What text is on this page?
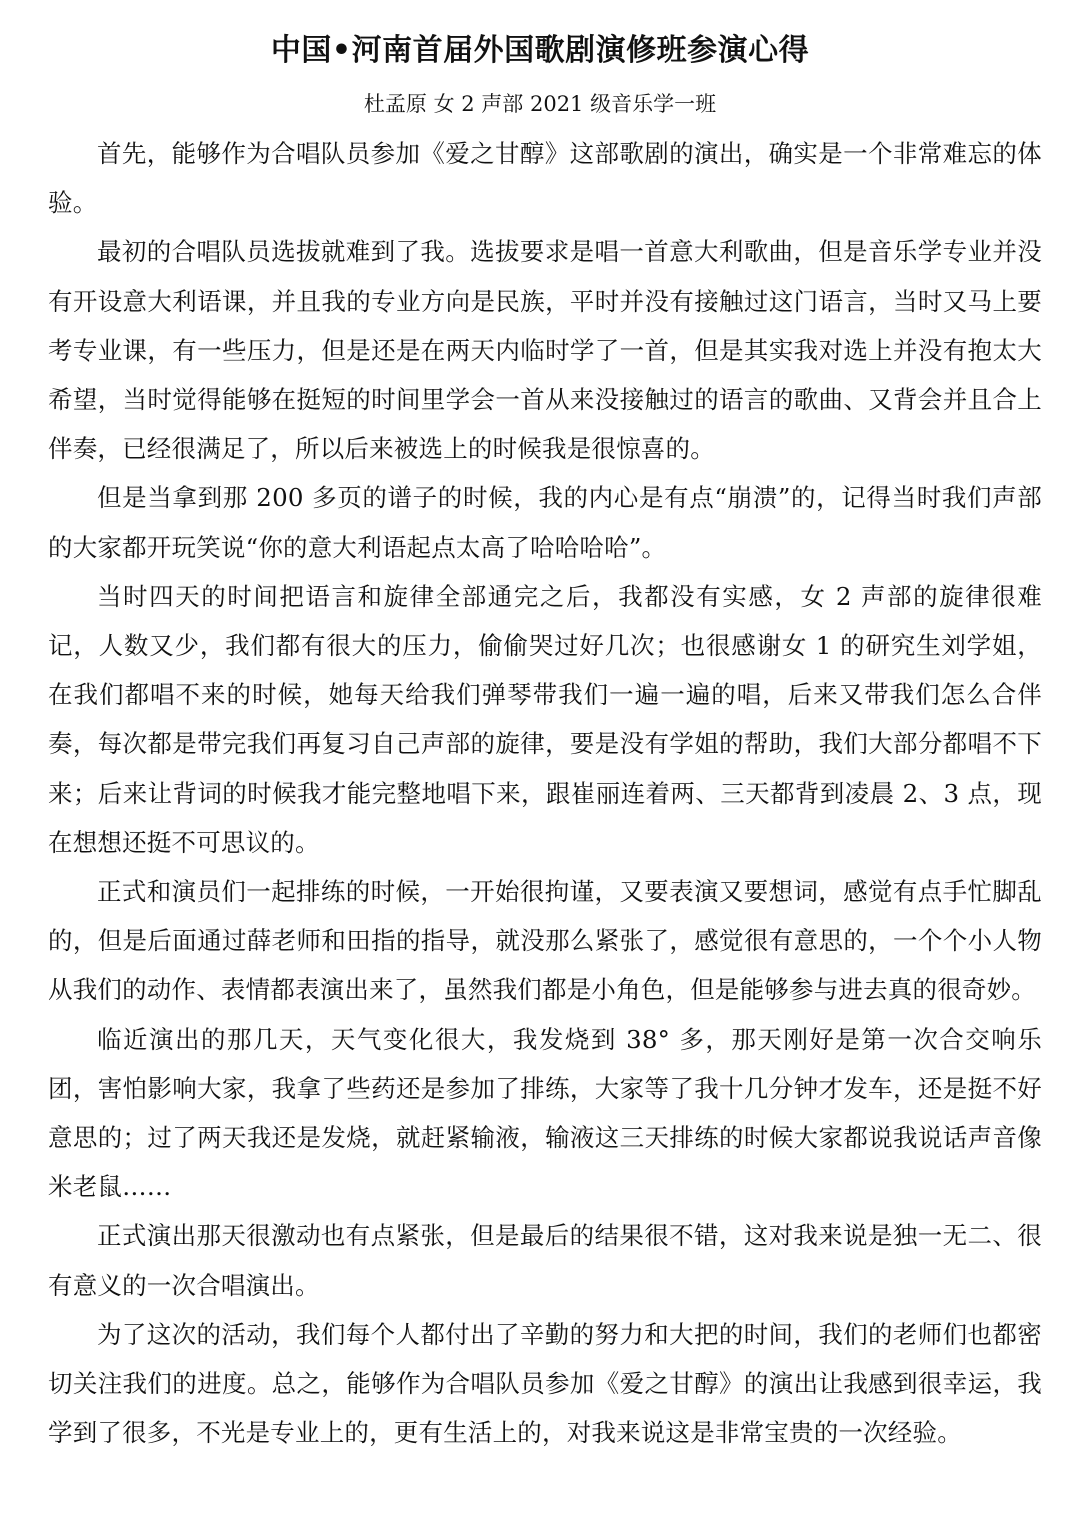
中国•河南首届外国歌剧演修班参演心得

杜孟原 女 2 声部 2021 级音乐学一班

首先，能够作为合唱队员参加《爱之甘醇》这部歌剧的演出，确实是一个非常难忘的体验。

最初的合唱队员选拔就难到了我。选拔要求是唱一首意大利歌曲，但是音乐学专业并没有开设意大利语课，并且我的专业方向是民族，平时并没有接触过这门语言，当时又马上要考专业课，有一些压力，但是还是在两天内临时学了一首，但是其实我对选上并没有抱太大希望，当时觉得能够在挺短的时间里学会一首从来没接触过的语言的歌曲、又背会并且合上伴奏，已经很满足了，所以后来被选上的时候我是很惊喜的。

但是当拿到那 200 多页的谱子的时候，我的内心是有点“崩溃”的，记得当时我们声部的大家都开玩笑说“你的意大利语起点太高了哈哈哈哈”。

当时四天的时间把语言和旋律全部通完之后，我都没有实感，女 2 声部的旋律很难记，人数又少，我们都有很大的压力，偷偷哭过好几次；也很感谢女 1 的研究生刘学姐，在我们都唱不来的时候，她每天给我们弹琴带我们一遍一遍的唱，后来又带我们怎么合伴奏，每次都是带完我们再复习自己声部的旋律，要是没有学姐的帮助，我们大部分都唱不下来；后来让背词的时候我才能完整地唱下来，跟崔丽连着两、三天都背到凌晨 2、3 点，现在想想还挺不可思议的。

正式和演员们一起排练的时候，一开始很拘谨，又要表演又要想词，感觉有点手忙脚乱的，但是后面通过薛老师和田指的指导，就没那么紧张了，感觉很有意思的，一个个小人物从我们的动作、表情都表演出来了，虽然我们都是小角色，但是能够参与进去真的很奇妙。

临近演出的那几天，天气变化很大，我发烧到 38° 多，那天刚好是第一次合交响乐团，害怕影响大家，我拿了些药还是参加了排练，大家等了我十几分钟才发车，还是挺不好意思的；过了两天我还是发烧，就赶紧输液，输液这三天排练的时候大家都说我说话声音像米老鼠……

正式演出那天很激动也有点紧张，但是最后的结果很不错，这对我来说是独一无二、很有意义的一次合唱演出。

为了这次的活动，我们每个人都付出了辛勤的努力和大把的时间，我们的老师们也都密切关注我们的进度。总之，能够作为合唱队员参加《爱之甘醇》的演出让我感到很幸运，我学到了很多，不光是专业上的，更有生活上的，对我来说这是非常宝贵的一次经验。
